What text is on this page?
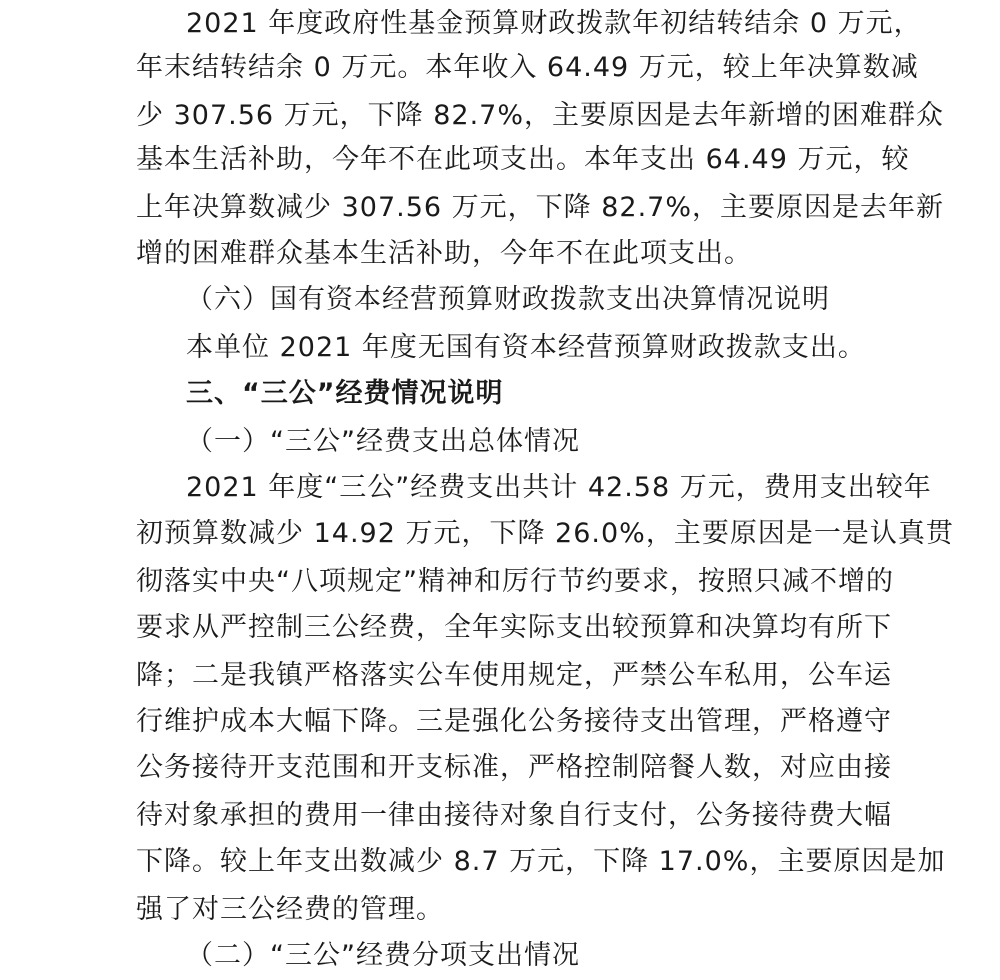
2021 年度政府性基金预算财政拨款年初结转结余 0 万元，
年末结转结余 0 万元。本年收入 64.49 万元，较上年决算数减
少 307.56 万元，下降 82.7%，主要原因是去年新增的困难群众
基本生活补助，今年不在此项支出。本年支出 64.49 万元，较
上年决算数减少 307.56 万元，下降 82.7%，主要原因是去年新
增的困难群众基本生活补助，今年不在此项支出。
（六）国有资本经营预算财政拨款支出决算情况说明
本单位 2021 年度无国有资本经营预算财政拨款支出。
三、“三公”经费情况说明
（一）“三公”经费支出总体情况
2021 年度“三公”经费支出共计 42.58 万元，费用支出较年
初预算数减少 14.92 万元，下降 26.0%，主要原因是一是认真贯
彻落实中央“八项规定”精神和厉行节约要求，按照只减不增的
要求从严控制三公经费，全年实际支出较预算和决算均有所下
降；二是我镇严格落实公车使用规定，严禁公车私用，公车运
行维护成本大幅下降。三是强化公务接待支出管理，严格遵守
公务接待开支范围和开支标准，严格控制陪餐人数，对应由接
待对象承担的费用一律由接待对象自行支付，公务接待费大幅
下降。较上年支出数减少 8.7 万元，下降 17.0%，主要原因是加
强了对三公经费的管理。
（二）“三公”经费分项支出情况
